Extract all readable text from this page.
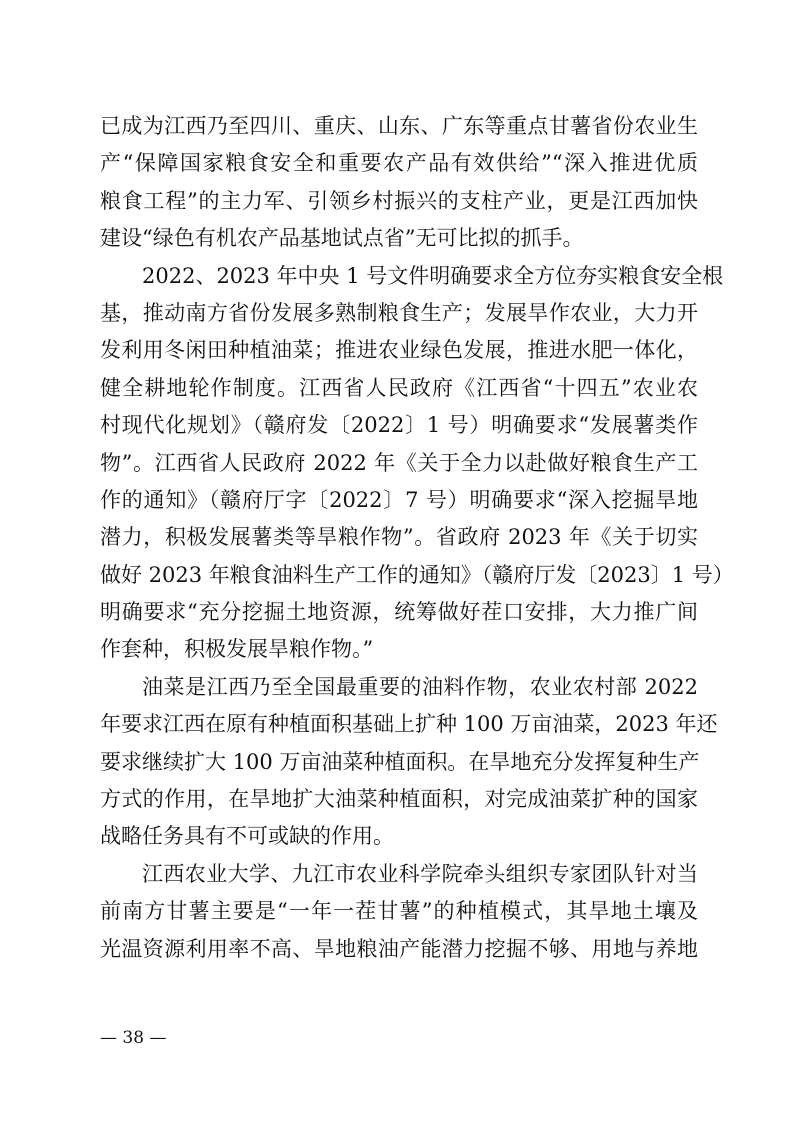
已成为江西乃至四川、重庆、山东、广东等重点甘薯省份农业生
产“保障国家粮食安全和重要农产品有效供给”“深入推进优质
粮食工程”的主力军、引领乡村振兴的支柱产业，更是江西加快
建设“绿色有机农产品基地试点省”无可比拟的抓手。
2022、2023 年中央 1 号文件明确要求全方位夯实粮食安全根
基，推动南方省份发展多熟制粮食生产；发展旱作农业，大力开
发利用冬闲田种植油菜；推进农业绿色发展，推进水肥一体化，
健全耕地轮作制度。江西省人民政府《江西省“十四五”农业农
村现代化规划》（赣府发〔2022〕1 号）明确要求“发展薯类作
物”。江西省人民政府 2022 年《关于全力以赴做好粮食生产工
作的通知》（赣府厅字〔2022〕7 号）明确要求“深入挖掘旱地
潜力，积极发展薯类等旱粮作物”。省政府 2023 年《关于切实
做好 2023 年粮食油料生产工作的通知》（赣府厅发〔2023〕1 号）
明确要求“充分挖掘土地资源，统筹做好茬口安排，大力推广间
作套种，积极发展旱粮作物。”
油菜是江西乃至全国最重要的油料作物，农业农村部 2022
年要求江西在原有种植面积基础上扩种 100 万亩油菜，2023 年还
要求继续扩大 100 万亩油菜种植面积。在旱地充分发挥复种生产
方式的作用，在旱地扩大油菜种植面积，对完成油菜扩种的国家
战略任务具有不可或缺的作用。
江西农业大学、九江市农业科学院牵头组织专家团队针对当
前南方甘薯主要是“一年一茬甘薯”的种植模式，其旱地土壤及
光温资源利用率不高、旱地粮油产能潜力挖掘不够、用地与养地
— 38 —
